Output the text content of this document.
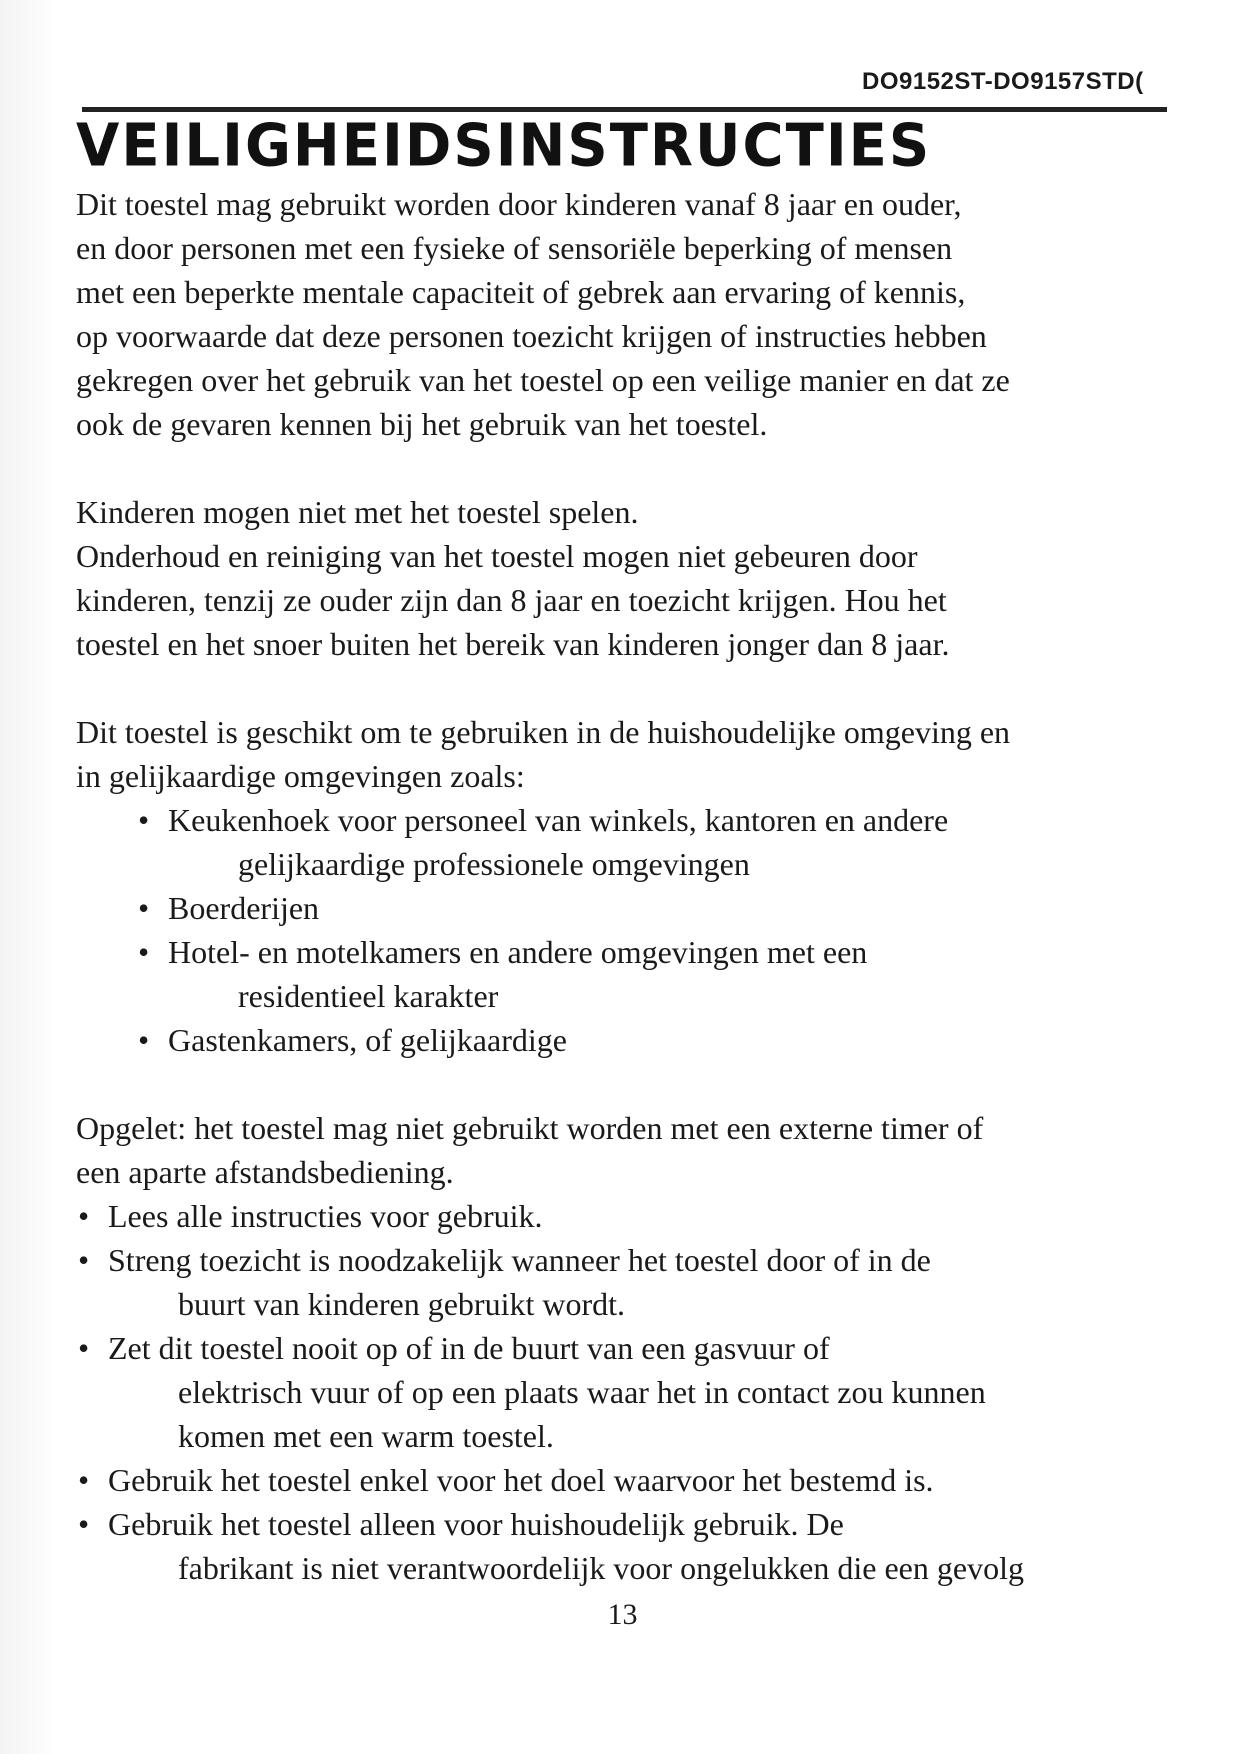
DO9152ST-DO9157STD(
VEILIGHEIDSINSTRUCTIES

Dit toestel mag gebruikt worden door kinderen vanaf 8 jaar en ouder,

en door personen met een fysieke of sensoriële beperking of mensen

met een beperkte mentale capaciteit of gebrek aan ervaring of kennis,

op voorwaarde dat deze personen toezicht krijgen of instructies hebben

gekregen over het gebruik van het toestel op een veilige manier en dat ze

ook de gevaren kennen bij het gebruik van het toestel.

Kinderen mogen niet met het toestel spelen.

Onderhoud en reiniging van het toestel mogen niet gebeuren door

kinderen, tenzij ze ouder zijn dan 8 jaar en toezicht krijgen. Hou het

toestel en het snoer buiten het bereik van kinderen jonger dan 8 jaar.

Dit toestel is geschikt om te gebruiken in de huishoudelijke omgeving en

in gelijkaardige omgevingen zoals:

• Keukenhoek voor personeel van winkels, kantoren en andere
gelijkaardige professionele omgevingen
• Boerderijen
• Hotel- en motelkamers en andere omgevingen met een
residentieel karakter
• Gastenkamers, of gelijkaardige

Opgelet: het toestel mag niet gebruikt worden met een externe timer of

een aparte afstandsbediening.

• Lees alle instructies voor gebruik.
• Streng toezicht is noodzakelijk wanneer het toestel door of in de
buurt van kinderen gebruikt wordt.
• Zet dit toestel nooit op of in de buurt van een gasvuur of
elektrisch vuur of op een plaats waar het in contact zou kunnen
komen met een warm toestel.
• Gebruik het toestel enkel voor het doel waarvoor het bestemd is.
• Gebruik het toestel alleen voor huishoudelijk gebruik. De
fabrikant is niet verantwoordelijk voor ongelukken die een gevolg
13
